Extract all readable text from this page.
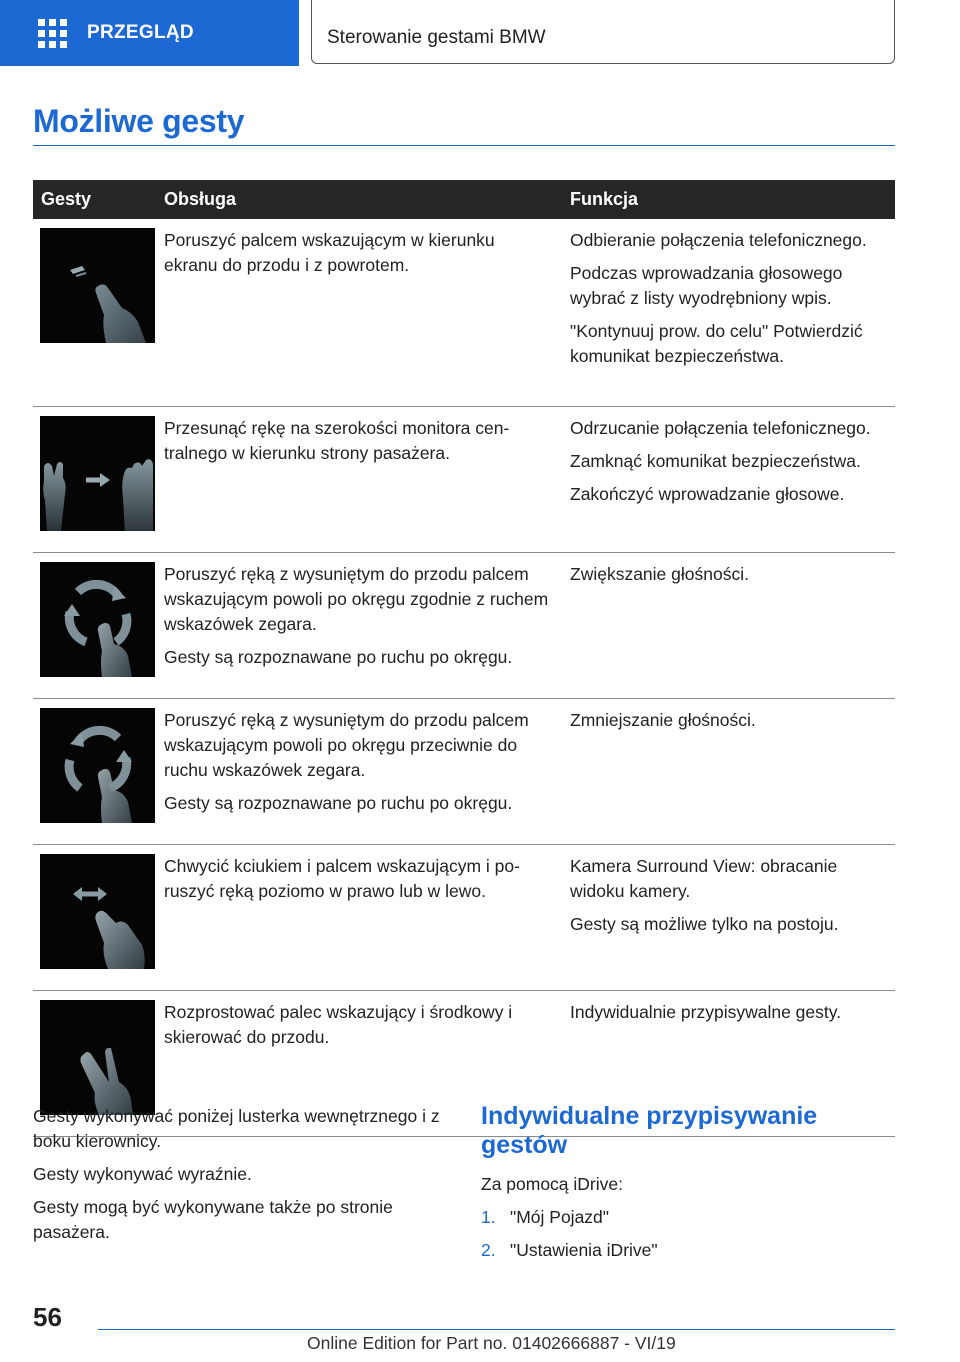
PRZEGLĄD	Sterowanie gestami BMW
Możliwe gesty
Gesty	Obsługa	Funkcja

Poruszyć palcem wskazującym w kierunku ekranu do przodu i z powrotem.	Odbieranie połączenia telefonicznego.

Podczas wprowadzania głosowego wybrać z listy wyodrębniony wpis.

"Kontynuuj prow. do celu" Potwierdzić komunikat bezpieczeństwa.

Przesunąć rękę na szerokości monitora centralnego w kierunku strony pasażera.	Odrzucanie połączenia telefonicznego.

Zamknąć komunikat bezpieczeństwa.

Zakończyć wprowadzanie głosowe.

Poruszyć ręką z wysuniętym do przodu palcem wskazującym powoli po okręgu zgodnie z ruchem wskazówek zegara.

Gesty są rozpoznawane po ruchu po okręgu.	Zwiększanie głośności.

Poruszyć ręką z wysuniętym do przodu palcem wskazującym powoli po okręgu przeciwnie do ruchu wskazówek zegara.

Gesty są rozpoznawane po ruchu po okręgu.	Zmniejszanie głośności.

Chwycić kciukiem i palcem wskazującym i poruszyć ręką poziomo w prawo lub w lewo.	Kamera Surround View: obracanie widoku kamery.

Gesty są możliwe tylko na postoju.

Rozprostować palec wskazujący i środkowy i skierować do przodu.	Indywidualnie przypisywalne gesty.

Gesty wykonywać poniżej lusterka wewnętrznego i z boku kierownicy.

Gesty wykonywać wyraźnie.

Gesty mogą być wykonywane także po stronie pasażera.

Indywidualne przypisywanie gestów

Za pomocą iDrive:

1. "Mój Pojazd"
2. "Ustawienia iDrive"

56

Online Edition for Part no. 01402666887 - VI/19
